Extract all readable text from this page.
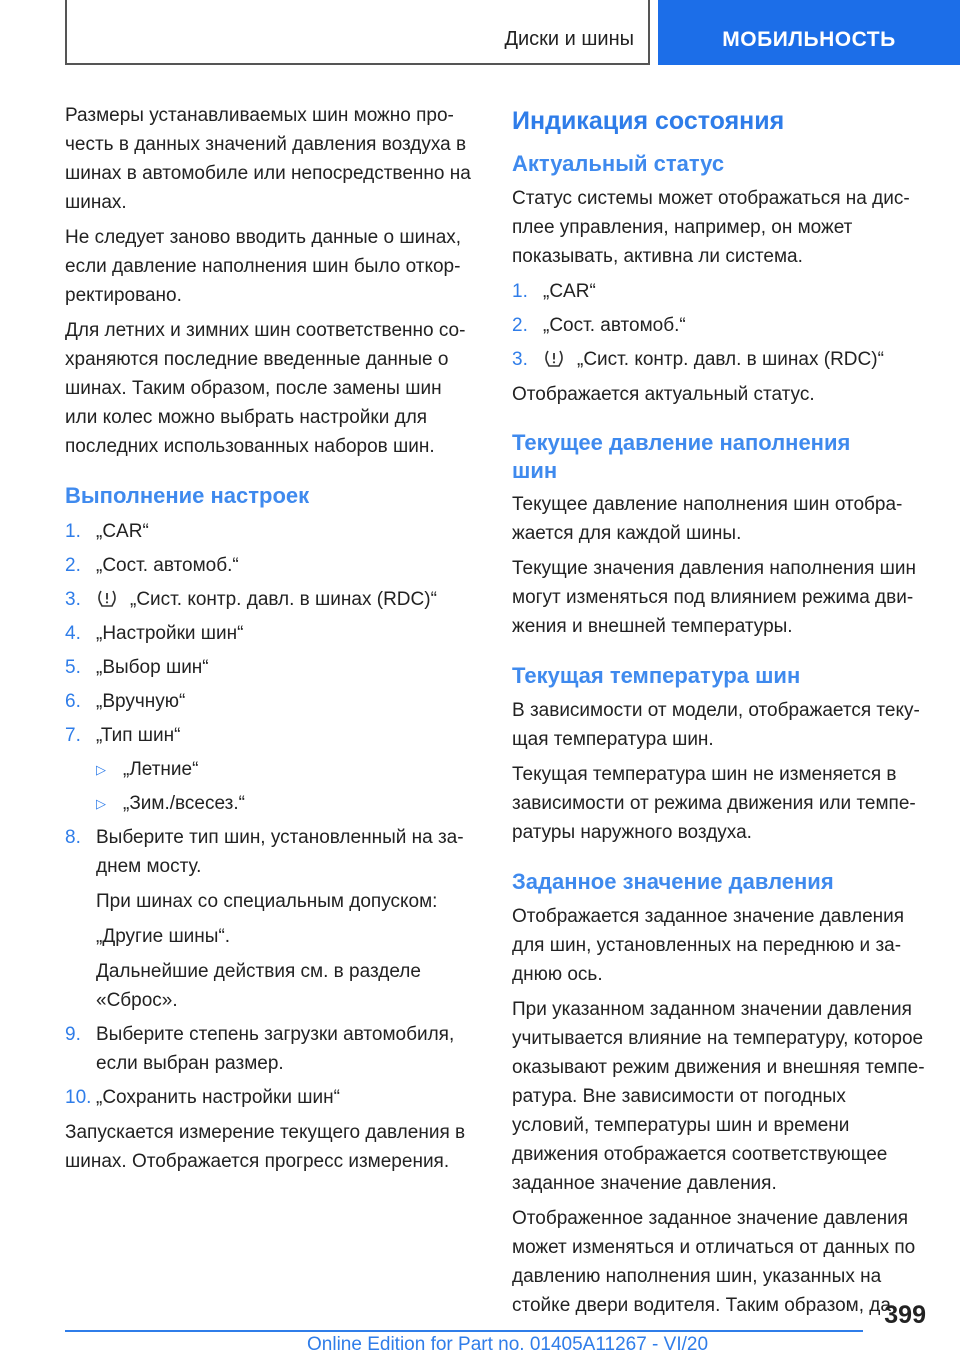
Диски и шины	МОБИЛЬНОСТЬ

Размеры устанавливаемых шин можно прочесть в данных значений давления воздуха в шинах в автомобиле или непосредственно на шинах.

Не следует заново вводить данные о шинах, если давление наполнения шин было откорректировано.

Для летних и зимних шин соответственно сохраняются последние введенные данные о шинах. Таким образом, после замены шин или колес можно выбрать настройки для последних использованных наборов шин.

Выполнение настроек
1. „CAR“
2. „Сост. автомоб.“
3.	„Сист. контр. давл. в шинах (RDC)“
4. „Настройки шин“
5. „Выбор шин“
6. „Вручную“
7. „Тип шин“
▷ „Летние“
▷ „Зим./всесез.“
8. Выберите тип шин, установленный на заднем мосту.
При шинах со специальным допуском:
„Другие шины“.
Дальнейшие действия см. в разделе «Сброс».
9. Выберите степень загрузки автомобиля, если выбран размер.
10. „Сохранить настройки шин“

Запускается измерение текущего давления в шинах. Отображается прогресс измерения.

Индикация состояния
Актуальный статус

Статус системы может отображаться на дисплее управления, например, он может показывать, активна ли система.

1. „CAR“
2. „Сост. автомоб.“
3.	„Сист. контр. давл. в шинах (RDC)“

Отображается актуальный статус.

Текущее давление наполнения
шин

Текущее давление наполнения шин отображается для каждой шины.

Текущие значения давления наполнения шин могут изменяться под влиянием режима движения и внешней температуры.

Текущая температура шин

В зависимости от модели, отображается текущая температура шин.

Текущая температура шин не изменяется в зависимости от режима движения или температуры наружного воздуха.

Заданное значение давления

Отображается заданное значение давления для шин, установленных на переднюю и заднюю ось.

При указанном заданном значении давления учитывается влияние на температуру, которое оказывают режим движения и внешняя температура. Вне зависимости от погодных условий, температуры шин и времени движения отображается соответствующее заданное значение давления.

Отображенное заданное значение давления может изменяться и отличаться от данных по давлению наполнения шин, указанных на стойке двери водителя. Таким образом, да

399
Online Edition for Part no. 01405A11267 - VI/20
